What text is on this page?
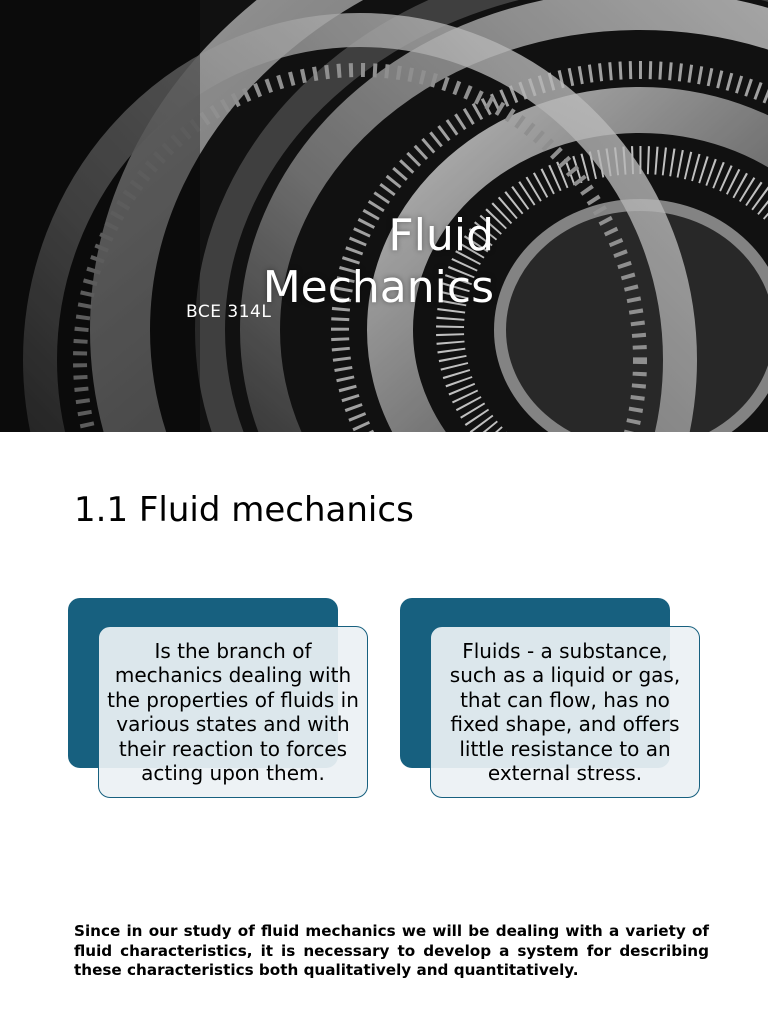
Fluid
Mechanics
BCE 314L
1.1 Fluid mechanics
Is the branch of mechanics dealing with the properties of fluids in various states and with their reaction to forces acting upon them.
Fluids - a substance, such as a liquid or gas, that can flow, has no fixed shape, and offers little resistance to an external stress.
Since in our study of fluid mechanics we will be dealing with a variety of fluid characteristics, it is necessary to develop a system for describing these characteristics both qualitatively and quantitatively.
